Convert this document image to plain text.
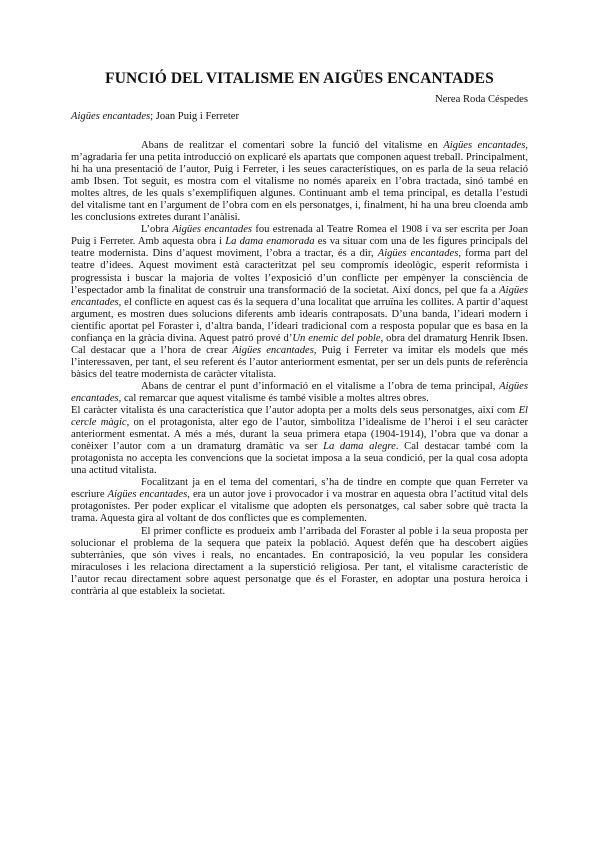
FUNCIÓ DEL VITALISME EN AIGÜES ENCANTADES
Nerea Roda Céspedes
Aigües encantades; Joan Puig i Ferreter

Abans de realitzar el comentari sobre la funció del vitalisme en Aigües encantades, m’agradaria fer una petita introducció on explicaré els apartats que componen aquest treball. Principalment, hi ha una presentació de l’autor, Puig i Ferreter, i les seues característiques, on es parla de la seua relació amb Ibsen. Tot seguit, es mostra com el vitalisme no només apareix en l’obra tractada, sinó també en moltes altres, de les quals s’exemplifiquen algunes. Continuant amb el tema principal, es detalla l’estudi del vitalisme tant en l’argument de l’obra com en els personatges, i, finalment, hi ha una breu cloenda amb les conclusions extretes durant l’anàlisi.

L’obra Aigües encantades fou estrenada al Teatre Romea el 1908 i va ser escrita per Joan Puig i Ferreter. Amb aquesta obra i La dama enamorada es va situar com una de les figures principals del teatre modernista. Dins d’aquest moviment, l’obra a tractar, és a dir, Aigües encantades, forma part del teatre d’idees. Aquest moviment està caracteritzat pel seu compromís ideològic, esperit reformista i progressista i buscar la majoria de voltes l’exposició d’un conflicte per empènyer la consciència de l’espectador amb la finalitat de construir una transformació de la societat. Així doncs, pel que fa a Aigües encantades, el conflicte en aquest cas és la sequera d’una localitat que arruïna les collites. A partir d’aquest argument, es mostren dues solucions diferents amb idearis contraposats. D’una banda, l’ideari modern i científic aportat pel Foraster i, d’altra banda, l’ideari tradicional com a resposta popular que es basa en la confiança en la gràcia divina. Aquest patró prové d’Un enemic del poble, obra del dramaturg Henrik Ibsen. Cal destacar que a l’hora de crear Aigües encantades, Puig i Ferreter va imitar els models que més l’interessaven, per tant, el seu referent és l’autor anteriorment esmentat, per ser un dels punts de referència bàsics del teatre modernista de caràcter vitalista.

Abans de centrar el punt d’informació en el vitalisme a l’obra de tema principal, Aigües encantades, cal remarcar que aquest vitalisme és també visible a moltes altres obres.

El caràcter vitalista és una característica que l’autor adopta per a molts dels seus personatges, així com El cercle màgic, on el protagonista, alter ego de l’autor, simbolitza l’idealisme de l’heroi i el seu caràcter anteriorment esmentat. A més a més, durant la seua primera etapa (1904-1914), l’obra que va donar a conèixer l’autor com a un dramaturg dramàtic va ser La dama alegre. Cal destacar també com la protagonista no accepta les convencions que la societat imposa a la seua condició, per la qual cosa adopta una actitud vitalista.

Focalitzant ja en el tema del comentari, s’ha de tindre en compte que quan Ferreter va escriure Aigües encantades, era un autor jove i provocador i va mostrar en aquesta obra l’actitud vital dels protagonistes. Per poder explicar el vitalisme que adopten els personatges, cal saber sobre què tracta la trama. Aquesta gira al voltant de dos conflictes que es complementen.

El primer conflicte es produeix amb l’arribada del Foraster al poble i la seua proposta per solucionar el problema de la sequera que pateix la població. Aquest defén que ha descobert aigües subterrànies, que són vives i reals, no encantades. En contraposició, la veu popular les considera miraculoses i les relaciona directament a la superstició religiosa. Per tant, el vitalisme característic de l’autor recau directament sobre aquest personatge que és el Foraster, en adoptar una postura heroica i contrària al que estableix la societat.
